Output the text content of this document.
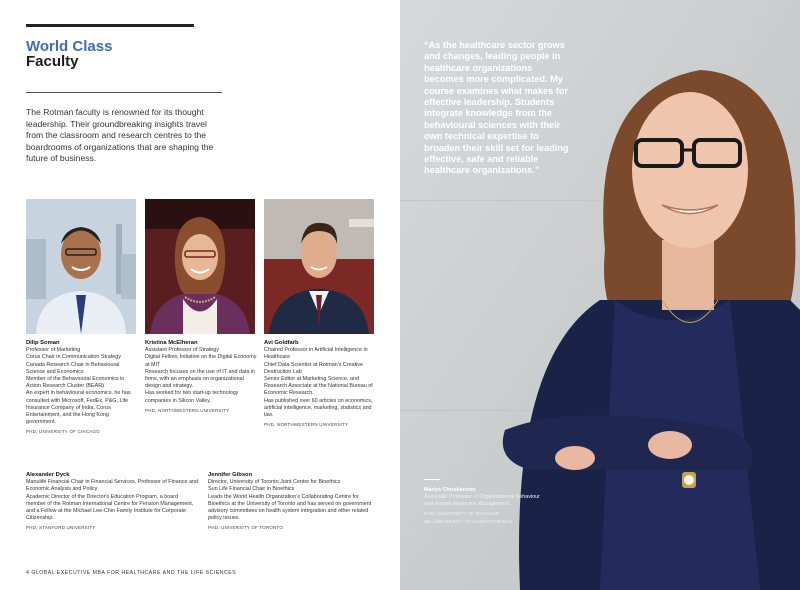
World Class
Faculty
The Rotman faculty is renowned for its thought leadership. Their groundbreaking insights travel from the classroom and research centres to the boardrooms of organizations that are shaping the future of business.
Dilip Soman
Professor of Marketing
Corus Chair in Communication Strategy
Canada Research Chair in Behavioural Science and Economics
Member of the Behavioural Economics in Action Research Cluster (BEAR)
An expert in behavioural economics, he has consulted with Microsoft, FedEx, P&G, Life Insurance Company of India, Corus Entertainment, and the Hong Kong government.
PHD, UNIVERSITY OF CHICAGO
Kristina McElheran
Assistant Professor of Strategy
Digital Fellow, Initiative on the Digital Economy at MIT
Research focuses on the use of IT and data in firms, with an emphasis on organizational design and strategy.
Has worked for two start-up technology companies in Silicon Valley.
PHD, NORTHWESTERN UNIVERSITY
Avi Goldfarb
Chaired Professor in Artificial Intelligence in Healthcare
Chief Data Scientist at Rotman's Creative Destruction Lab
Senior Editor at Marketing Science, and Research Associate at the National Bureau of Economic Research.
Has published over 60 articles on economics, artificial intelligence, marketing, statistics and law.
PHD, NORTHWESTERN UNIVERSITY
Alexander Dyck
Manulife Financial Chair in Financial Services, Professor of Finance and Economic Analysis and Policy
Academic Director of the Director's Education Program, a board member of the Rotman International Centre for Pension Management, and a Fellow at the Michael Lee-Chin Family Institute for Corporate Citizenship.
PHD, STANFORD UNIVERSITY
Jennifer Gibson
Director, University of Toronto Joint Centre for Bioethics
Sun Life Financial Chair in Bioethics
Leads the World Health Organization's Collaborating Centre for Bioethics at the University of Toronto and has served on government advisory committees on health system integration and other related policy issues.
PHD, UNIVERSITY OF TORONTO
4 GLOBAL EXECUTIVE MBA FOR HEALTHCARE AND THE LIFE SCIENCES
“As the healthcare sector grows and changes, leading people in healthcare organizations becomes more complicated. My course examines what makes for effective leadership. Students integrate knowledge from the behavioural sciences with their own technical expertise to broaden their skill set for leading effective, safe and reliable healthcare organizations.”
Marlys Christianson
Associate Professor of Organizational Behaviour and Human Resource Management
PHD, UNIVERSITY OF MICHIGAN
MD, UNIVERSITY OF SASKATCHEWAN
